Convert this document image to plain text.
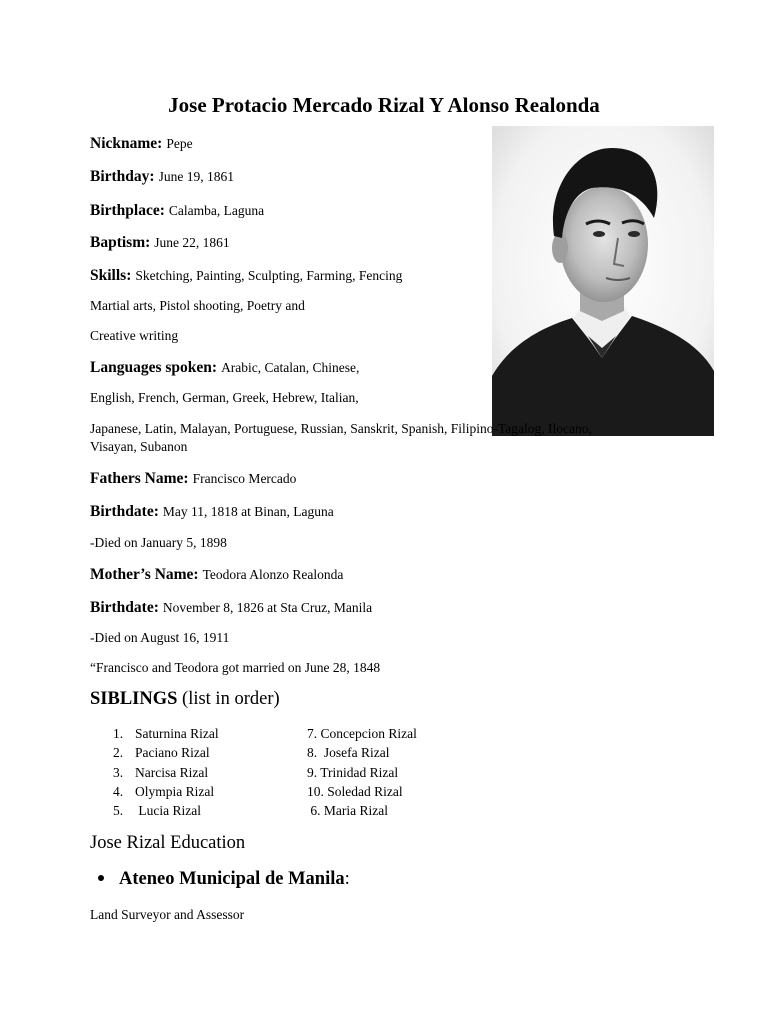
Jose Protacio Mercado Rizal Y Alonso Realonda
Nickname: Pepe
Birthday: June 19, 1861
Birthplace: Calamba, Laguna
Baptism: June 22, 1861
Skills: Sketching, Painting, Sculpting, Farming, Fencing
Martial arts, Pistol shooting, Poetry and
Creative writing
Languages spoken: Arabic, Catalan, Chinese,
English, French, German, Greek, Hebrew, Italian,
Japanese, Latin, Malayan, Portuguese, Russian, Sanskrit, Spanish, Filipino-Tagalog, Ilocano,
Visayan, Subanon
Fathers Name: Francisco Mercado
Birthdate: May 11, 1818 at Binan, Laguna
-Died on January 5, 1898
Mother’s Name: Teodora Alonzo Realonda
Birthdate: November 8, 1826 at Sta Cruz, Manila
-Died on August 16, 1911
“Francisco and Teodora got married on June 28, 1848
SIBLINGS (list in order)
1. Saturnina Rizal
2. Paciano Rizal
3. Narcisa Rizal
4. Olympia Rizal
5. Lucia Rizal
7. Concepcion Rizal
8.  Josefa Rizal
9. Trinidad Rizal
10. Soledad Rizal
6. Maria Rizal
Jose Rizal Education
Ateneo Municipal de Manila:
Land Surveyor and Assessor
